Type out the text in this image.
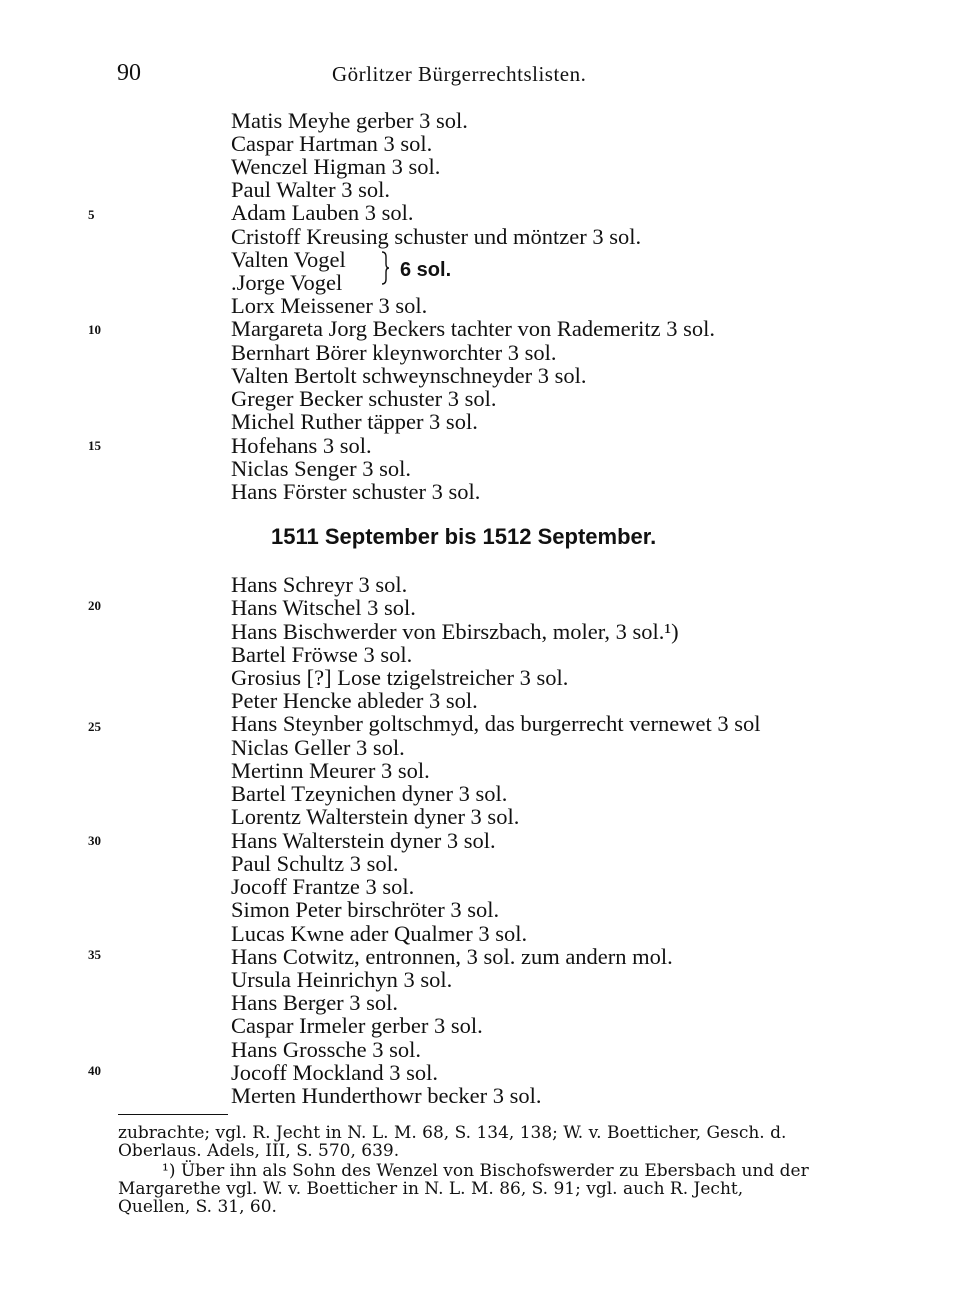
90	Görlitzer Bürgerrechtslisten.
Matis Meyhe gerber 3 sol.
Caspar Hartman 3 sol.
Wenczel Higman 3 sol.
Paul Walter 3 sol.
Adam Lauben 3 sol.
Cristoff Kreusing schuster und möntzer 3 sol.
Valten Vogel
.Jorge Vogel	6 sol.
Lorx Meissener 3 sol.
Margareta Jorg Beckers tachter von Rademeritz 3 sol.
Bernhart Börer kleynworchter 3 sol.
Valten Bertolt schweynschneyder 3 sol.
Greger Becker schuster 3 sol.
Michel Ruther täpper 3 sol.
Hofehans 3 sol.
Niclas Senger 3 sol.
Hans Förster schuster 3 sol.
1511 September bis 1512 September.
Hans Schreyr 3 sol.
Hans Witschel 3 sol.
Hans Bischwerder von Ebirszbach, moler, 3 sol.¹)
Bartel Fröwse 3 sol.
Grosius [?] Lose tzigelstreicher 3 sol.
Peter Hencke ableder 3 sol.
Hans Steynber goltschmyd, das burgerrecht vernewet 3 sol
Niclas Geller 3 sol.
Mertinn Meurer 3 sol.
Bartel Tzeynichen dyner 3 sol.
Lorentz Walterstein dyner 3 sol.
Hans Walterstein dyner 3 sol.
Paul Schultz 3 sol.
Jocoff Frantze 3 sol.
Simon Peter birschröter 3 sol.
Lucas Kwne ader Qualmer 3 sol.
Hans Cotwitz, entronnen, 3 sol. zum andern mol.
Ursula Heinrichyn 3 sol.
Hans Berger 3 sol.
Caspar Irmeler gerber 3 sol.
Hans Grossche 3 sol.
Jocoff Mockland 3 sol.
Merten Hunderthowr becker 3 sol.
5
10
15
20
25
30
35
40
zubrachte; vgl. R. Jecht in N. L. M. 68, S. 134, 138; W. v. Boetticher, Gesch. d.
Oberlaus. Adels, III, S. 570, 639.
¹) Über ihn als Sohn des Wenzel von Bischofswerder zu Ebersbach und der
Margarethe vgl. W. v. Boetticher in N. L. M. 86, S. 91; vgl. auch R. Jecht,
Quellen, S. 31, 60.
